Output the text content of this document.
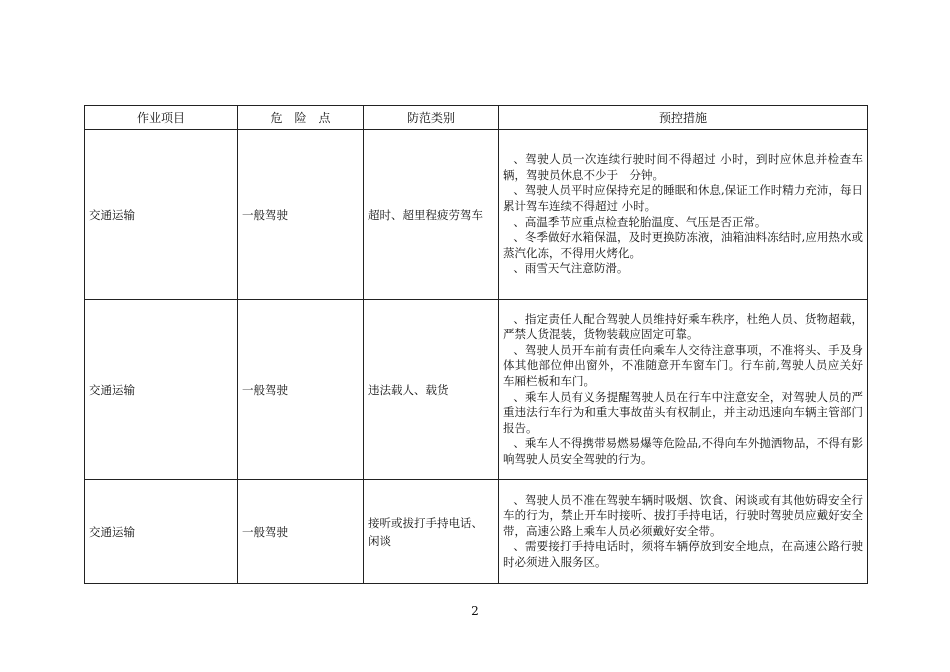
作业项目	危　险　点	防范类别	预控措施
交通运输	一般驾驶	超时、超里程疲劳驾车	、驾驶人员一次连续行驶时间不得超过 小时，到时应休息并检查车辆，驾驶员休息不少于　分钟。

、驾驶人员平时应保持充足的睡眠和休息,保证工作时精力充沛，每日累计驾车连续不得超过 小时。

、高温季节应重点检查轮胎温度、气压是否正常。

、冬季做好水箱保温，及时更换防冻液，油箱油料冻结时,应用热水或蒸汽化冻，不得用火烤化。

、雨雪天气注意防滑。

交通运输	一般驾驶	违法载人、载货	、指定责任人配合驾驶人员维持好乘车秩序，杜绝人员、货物超载，严禁人货混装，货物装载应固定可靠。

、驾驶人员开车前有责任向乘车人交待注意事项，不准将头、手及身体其他部位伸出窗外，不准随意开车窗车门。行车前,驾驶人员应关好车厢栏板和车门。

、乘车人员有义务提醒驾驶人员在行车中注意安全，对驾驶人员的严重违法行车行为和重大事故苗头有权制止，并主动迅速向车辆主管部门报告。

、乘车人不得携带易燃易爆等危险品,不得向车外抛洒物品，不得有影响驾驶人员安全驾驶的行为。

交通运输	一般驾驶	接听或拔打手持电话、闲谈	、驾驶人员不准在驾驶车辆时吸烟、饮食、闲谈或有其他妨碍安全行车的行为，禁止开车时接听、拔打手持电话，行驶时驾驶员应戴好安全带，高速公路上乘车人员必须戴好安全带。

、需要接打手持电话时，须将车辆停放到安全地点，在高速公路行驶时必须进入服务区。

2
